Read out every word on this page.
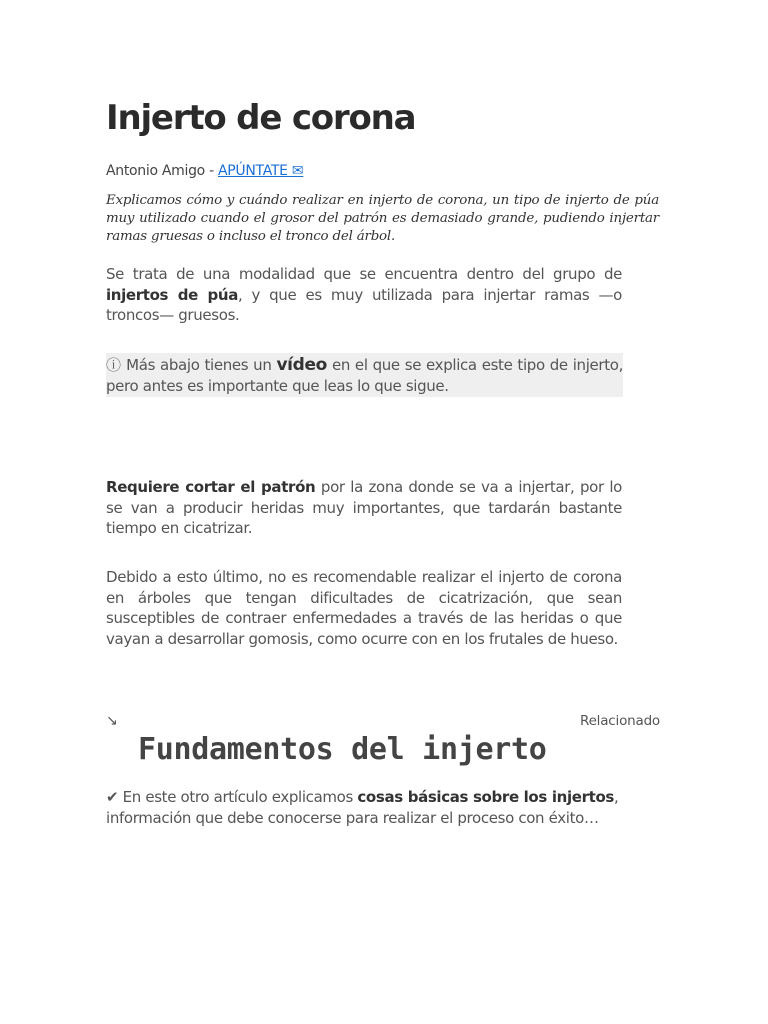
Injerto de corona
Antonio Amigo - APÚNTATE ✉

Explicamos cómo y cuándo realizar en injerto de corona, un tipo de injerto de púa muy utilizado cuando el grosor del patrón es demasiado grande, pudiendo injertar ramas gruesas o incluso el tronco del árbol.

Se trata de una modalidad que se encuentra dentro del grupo de injertos de púa, y que es muy utilizada para injertar ramas —o troncos— gruesos.

ⓘ Más abajo tienes un vídeo en el que se explica este tipo de injerto, pero antes es importante que leas lo que sigue.

Requiere cortar el patrón por la zona donde se va a injertar, por lo se van a producir heridas muy importantes, que tardarán bastante tiempo en cicatrizar.

Debido a esto último, no es recomendable realizar el injerto de corona en árboles que tengan dificultades de cicatrización, que sean susceptibles de contraer enfermedades a través de las heridas o que vayan a desarrollar gomosis, como ocurre con en los frutales de hueso.

↘	Relacionado
Fundamentos del injerto

✔ En este otro artículo explicamos cosas básicas sobre los injertos, información que debe conocerse para realizar el proceso con éxito…
